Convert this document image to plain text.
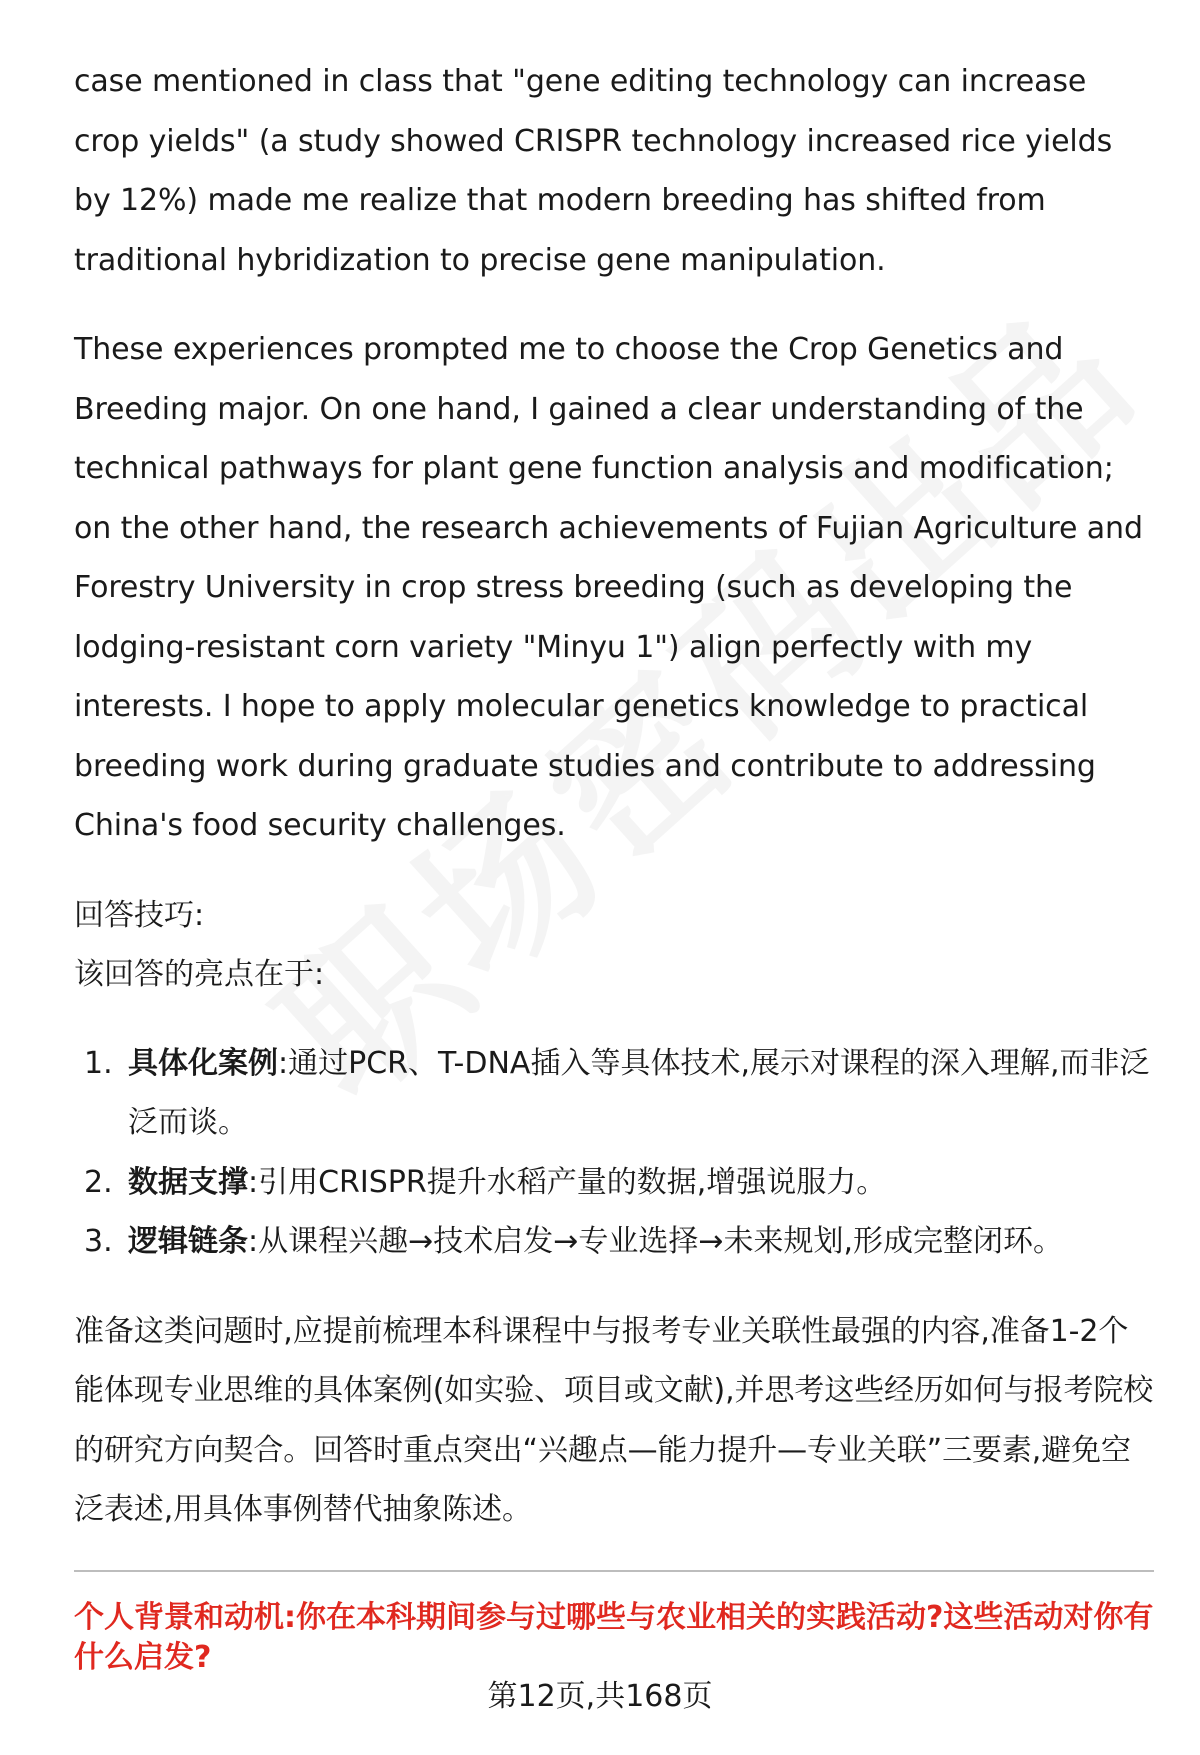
case mentioned in class that "gene editing technology can increase crop yields" (a study showed CRISPR technology increased rice yields by 12%) made me realize that modern breeding has shifted from traditional hybridization to precise gene manipulation.

These experiences prompted me to choose the Crop Genetics and Breeding major. On one hand, I gained a clear understanding of the technical pathways for plant gene function analysis and modification; on the other hand, the research achievements of Fujian Agriculture and Forestry University in crop stress breeding (such as developing the lodging-resistant corn variety "Minyu 1") align perfectly with my interests. I hope to apply molecular genetics knowledge to practical breeding work during graduate studies and contribute to addressing China's food security challenges.

回答技巧:

该回答的亮点在于:

1. 具体化案例:通过PCR、T-DNA插入等具体技术,展示对课程的深入理解,而非泛泛而谈。
2. 数据支撑:引用CRISPR提升水稻产量的数据,增强说服力。
3. 逻辑链条:从课程兴趣→技术启发→专业选择→未来规划,形成完整闭环。

准备这类问题时,应提前梳理本科课程中与报考专业关联性最强的内容,准备1-2个能体现专业思维的具体案例(如实验、项目或文献),并思考这些经历如何与报考院校的研究方向契合。回答时重点突出“兴趣点—能力提升—专业关联”三要素,避免空泛表述,用具体事例替代抽象陈述。

个人背景和动机:你在本科期间参与过哪些与农业相关的实践活动?这些活动对你有什么启发?

第12页,共168页
